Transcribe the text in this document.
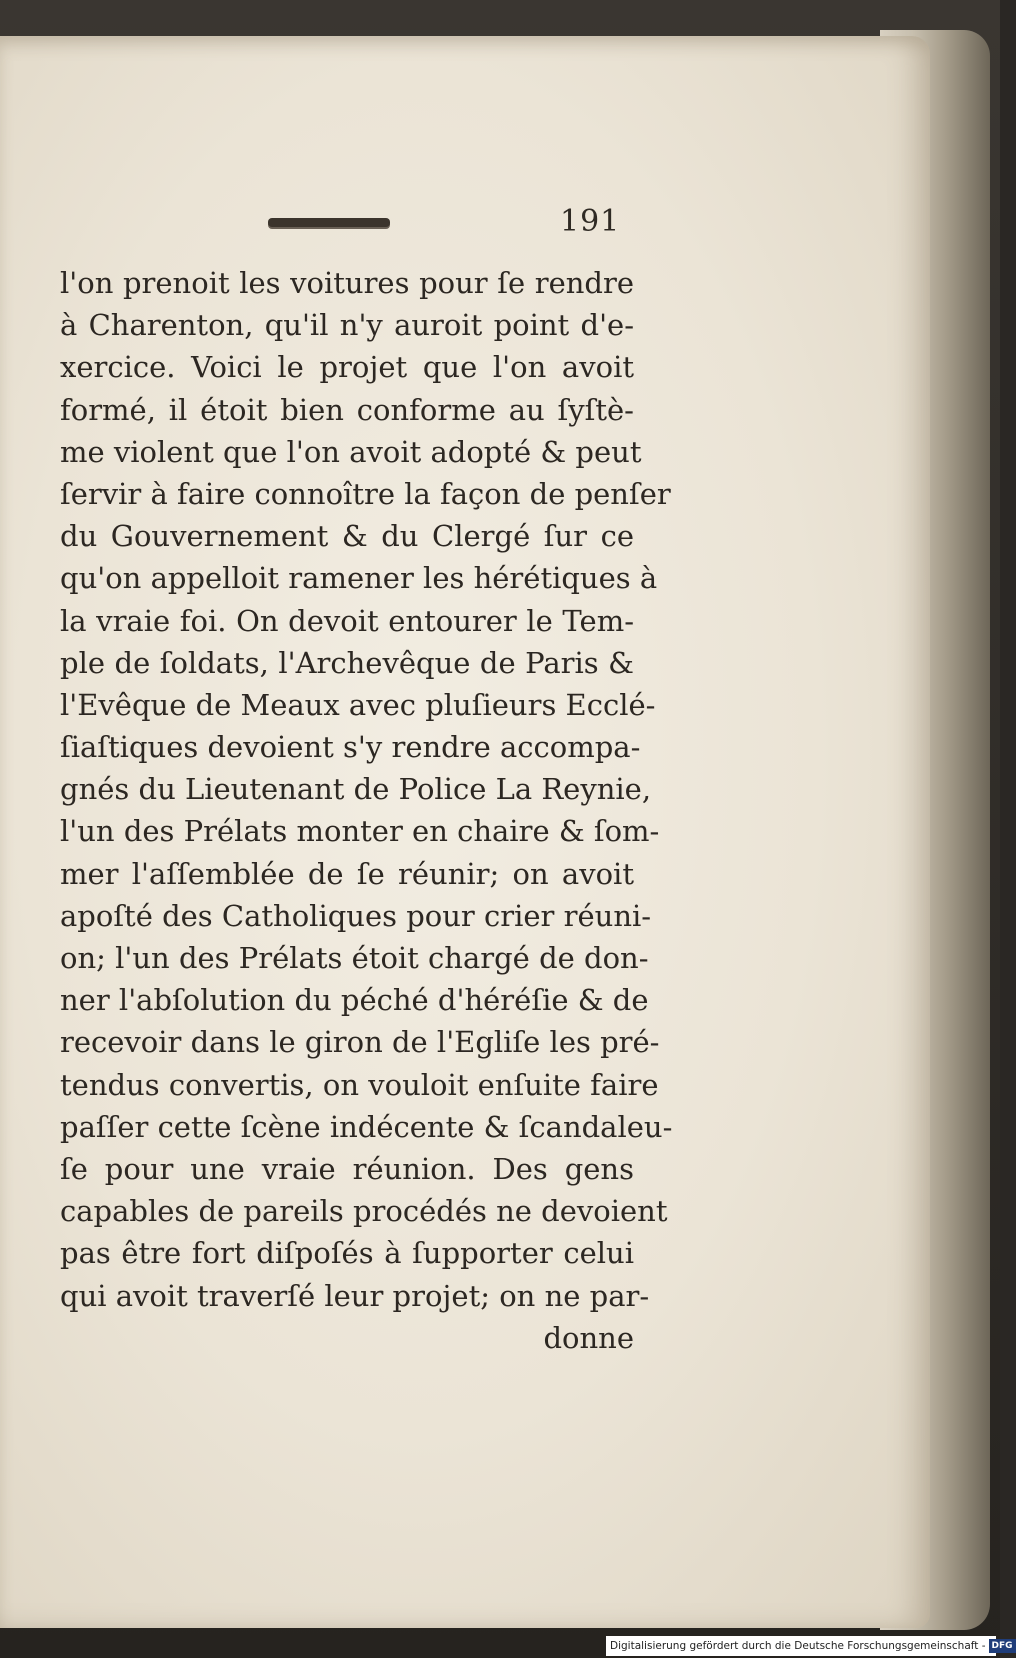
191
l'on prenoit les voitures pour ſe rendre
à Charenton, qu'il n'y auroit point d'e-
xercice. Voici le projet que l'on avoit
formé, il étoit bien conforme au ſyſtè-
me violent que l'on avoit adopté & peut
ſervir à faire connoître la façon de penſer
du Gouvernement & du Clergé ſur ce
qu'on appelloit ramener les hérétiques à
la vraie foi. On devoit entourer le Tem-
ple de ſoldats, l'Archevêque de Paris &
l'Evêque de Meaux avec pluſieurs Ecclé-
ſiaſtiques devoient s'y rendre accompa-
gnés du Lieutenant de Police La Reynie,
l'un des Prélats monter en chaire & ſom-
mer l'aſſemblée de ſe réunir; on avoit
apoſté des Catholiques pour crier réuni-
on; l'un des Prélats étoit chargé de don-
ner l'abſolution du péché d'héréſie & de
recevoir dans le giron de l'Egliſe les pré-
tendus convertis, on vouloit enſuite faire
paſſer cette ſcène indécente & ſcandaleu-
ſe pour une vraie réunion. Des gens
capables de pareils procédés ne devoient
pas être fort diſpoſés à ſupporter celui
qui avoit traverſé leur projet; on ne par-
donne
Digitalisierung gefördert durch die Deutsche Forschungsgemeinschaft - DFG
